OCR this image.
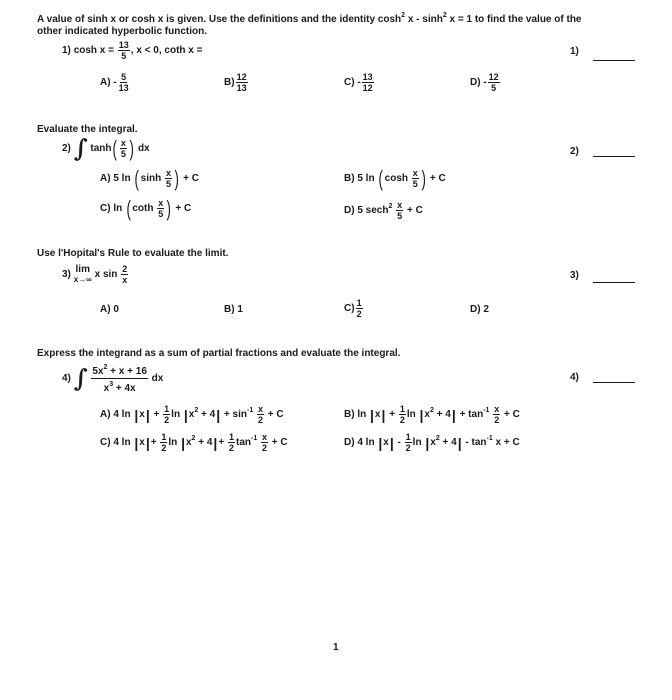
A value of sinh x or cosh x is given. Use the definitions and the identity $\cosh^2 x - \sinh^2 x = 1$ to find the value of the
other indicated hyperbolic function.
1) $\cosh x = \frac{13}{5}$ , x < 0, coth x =	1)
$A) - \frac{5}{13}$	$B) \frac{12}{13}$	$C) - \frac{13}{12}$	$D) - \frac{12}{5}$
Evaluate the integral.
2) ∫ $\tanh( \frac{x}{5}$ ) dx	2)
A) 5 $\ln (\sinh \frac{x}{5}$ ) + C	B) 5 $\ln (\cosh \frac{x}{5}$ ) + C
C) $\ln (\cot h \frac{x}{5}$ ) + C	D) 5 $\sec h^2 \frac{x}{5} + C$
Use l'Hopital's Rule to evaluate the limit.
3)
lim
x→∞ x $\sin \frac{2}{x}$	3)
A) 0	B) 1	$C) \frac{1}{2}$	D) 2
Express the integrand as a sum of partial fractions and evaluate the integral.
4) ∫ $\frac{5x^2 + x + 16}{x^3 + 4x}$ dx	4)
A) 4 $\ln |x| + \frac{1}{2}$ $\ln |x^2 + 4| + \sin^{-1} \frac{x}{2} + C$	B) $\ln |x| + \frac{1}{2}$ $\ln |x^2 + 4| + \tan^{-1} \frac{x}{2} + C$
C) 4 $\ln |x|+ \frac{1}{2}$ $\ln |x^2 + 4|+ \frac{1}{2} \tan^{-1} \frac{x}{2} + C$	D) 4 $\ln |x| - \frac{1}{2}$ $\ln |x^2 + 4| - \tan^{-1} x + C$
1
